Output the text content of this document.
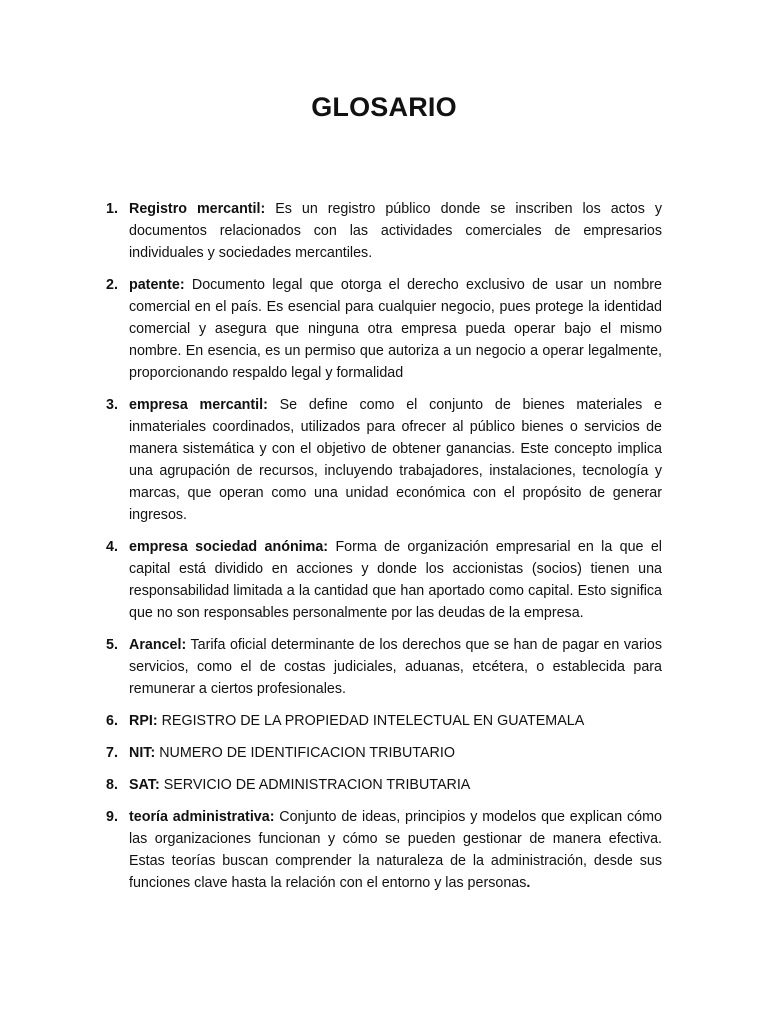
GLOSARIO
1. Registro mercantil: Es un registro público donde se inscriben los actos y documentos relacionados con las actividades comerciales de empresarios individuales y sociedades mercantiles.
2. patente: Documento legal que otorga el derecho exclusivo de usar un nombre comercial en el país. Es esencial para cualquier negocio, pues protege la identidad comercial y asegura que ninguna otra empresa pueda operar bajo el mismo nombre. En esencia, es un permiso que autoriza a un negocio a operar legalmente, proporcionando respaldo legal y formalidad
3. empresa mercantil: Se define como el conjunto de bienes materiales e inmateriales coordinados, utilizados para ofrecer al público bienes o servicios de manera sistemática y con el objetivo de obtener ganancias. Este concepto implica una agrupación de recursos, incluyendo trabajadores, instalaciones, tecnología y marcas, que operan como una unidad económica con el propósito de generar ingresos.
4. empresa sociedad anónima: Forma de organización empresarial en la que el capital está dividido en acciones y donde los accionistas (socios) tienen una responsabilidad limitada a la cantidad que han aportado como capital. Esto significa que no son responsables personalmente por las deudas de la empresa.
5. Arancel: Tarifa oficial determinante de los derechos que se han de pagar en varios servicios, como el de costas judiciales, aduanas, etcétera, o establecida para remunerar a ciertos profesionales.
6. RPI: REGISTRO DE LA PROPIEDAD INTELECTUAL EN GUATEMALA
7. NIT: NUMERO DE IDENTIFICACION TRIBUTARIO
8. SAT: SERVICIO DE ADMINISTRACION TRIBUTARIA
9. teoría administrativa: Conjunto de ideas, principios y modelos que explican cómo las organizaciones funcionan y cómo se pueden gestionar de manera efectiva. Estas teorías buscan comprender la naturaleza de la administración, desde sus funciones clave hasta la relación con el entorno y las personas.
